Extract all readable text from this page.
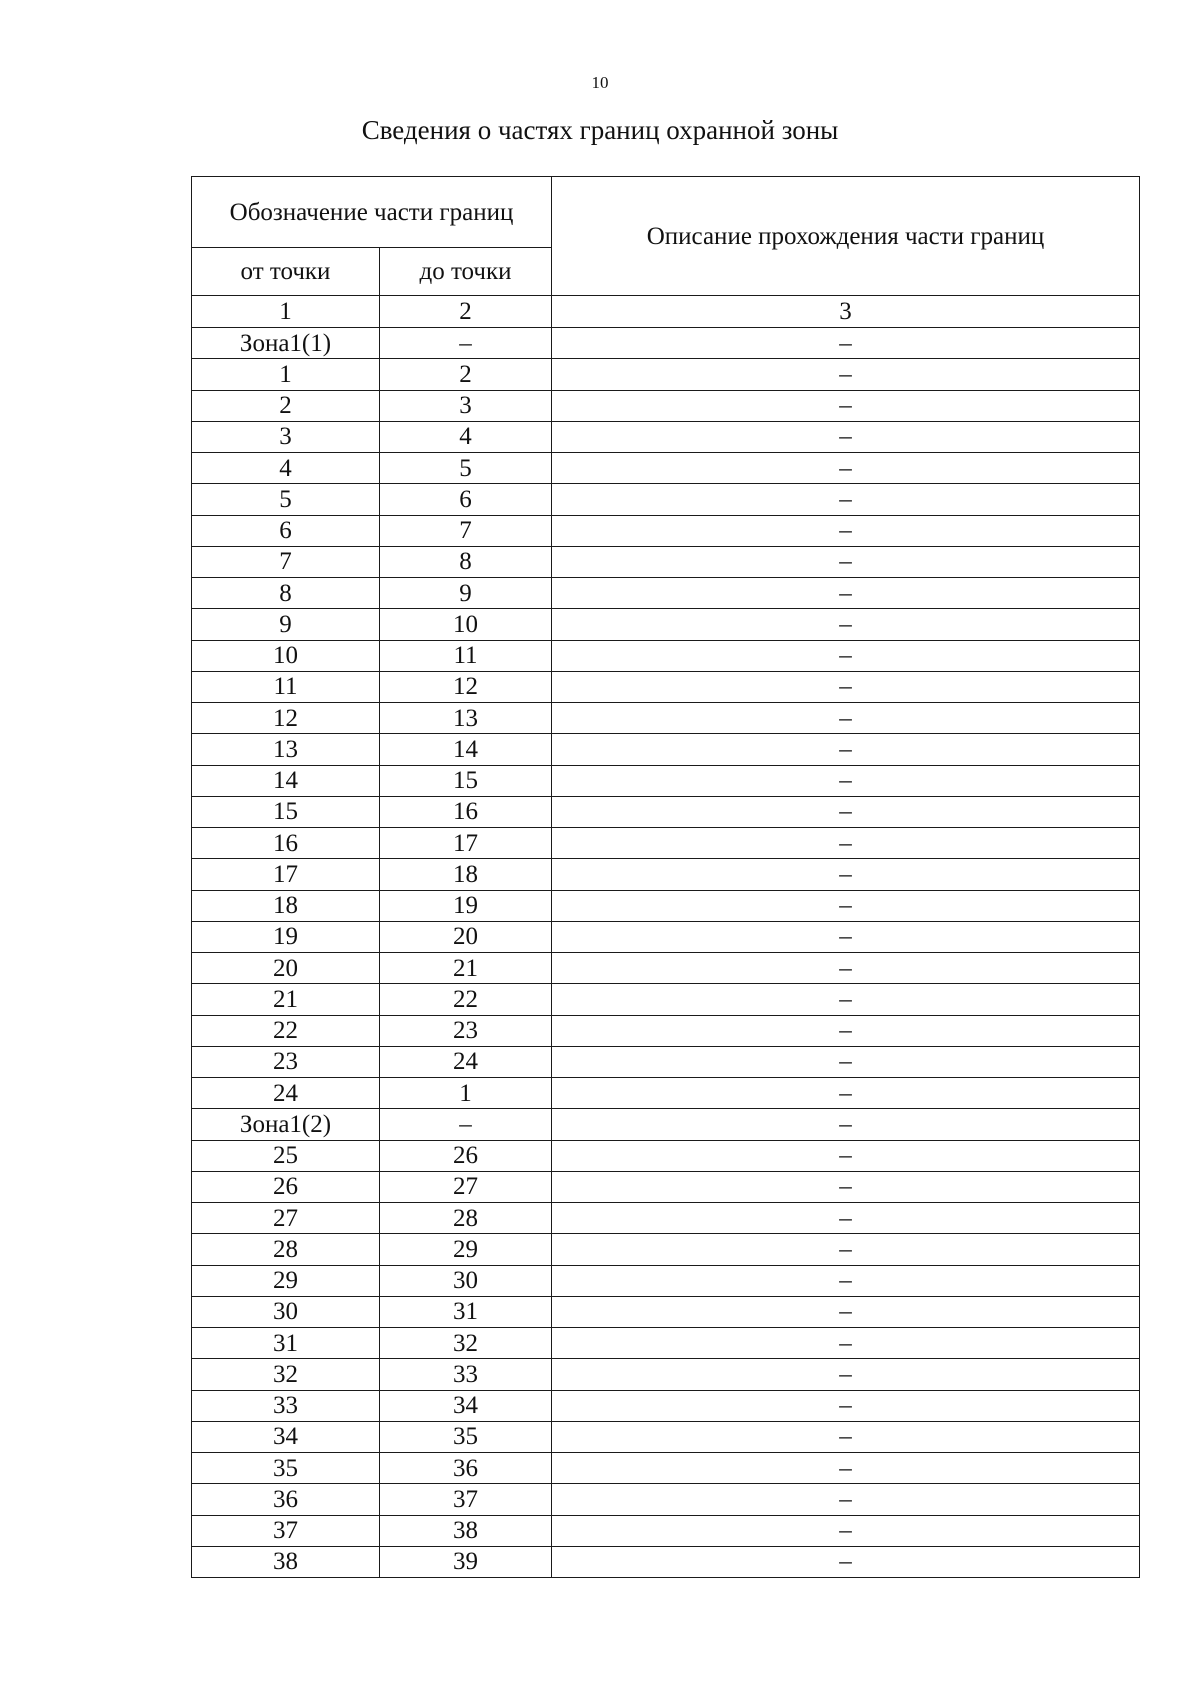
10
Сведения о частях границ охранной зоны
Обозначение части границ		Описание прохождения части границ
от точки	до точки	
1	2	3
Зона1(1)	–	–
1	2	–
2	3	–
3	4	–
4	5	–
5	6	–
6	7	–
7	8	–
8	9	–
9	10	–
10	11	–
11	12	–
12	13	–
13	14	–
14	15	–
15	16	–
16	17	–
17	18	–
18	19	–
19	20	–
20	21	–
21	22	–
22	23	–
23	24	–
24	1	–
Зона1(2)	–	–
25	26	–
26	27	–
27	28	–
28	29	–
29	30	–
30	31	–
31	32	–
32	33	–
33	34	–
34	35	–
35	36	–
36	37	–
37	38	–
38	39	–
